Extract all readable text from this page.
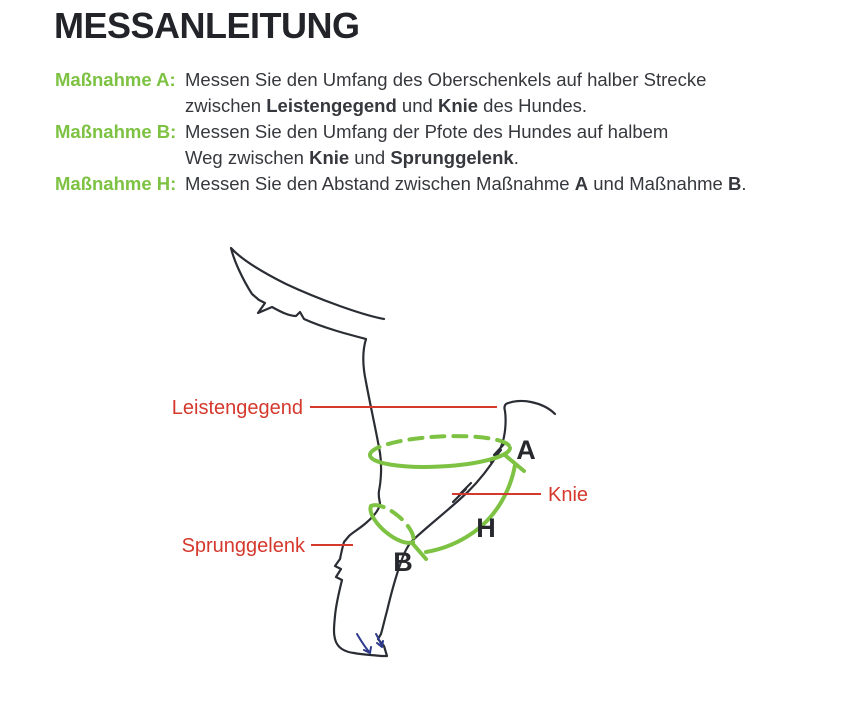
MESSANLEITUNG
Maßnahme A: Messen Sie den Umfang des Oberschenkels auf halber Strecke
zwischen Leistengegend und Knie des Hundes.
Maßnahme B: Messen Sie den Umfang der Pfote des Hundes auf halbem
Weg zwischen Knie und Sprunggelenk.
Maßnahme H: Messen Sie den Abstand zwischen Maßnahme A und Maßnahme B.
Leistengegend
Knie
Sprunggelenk
A
H
B
